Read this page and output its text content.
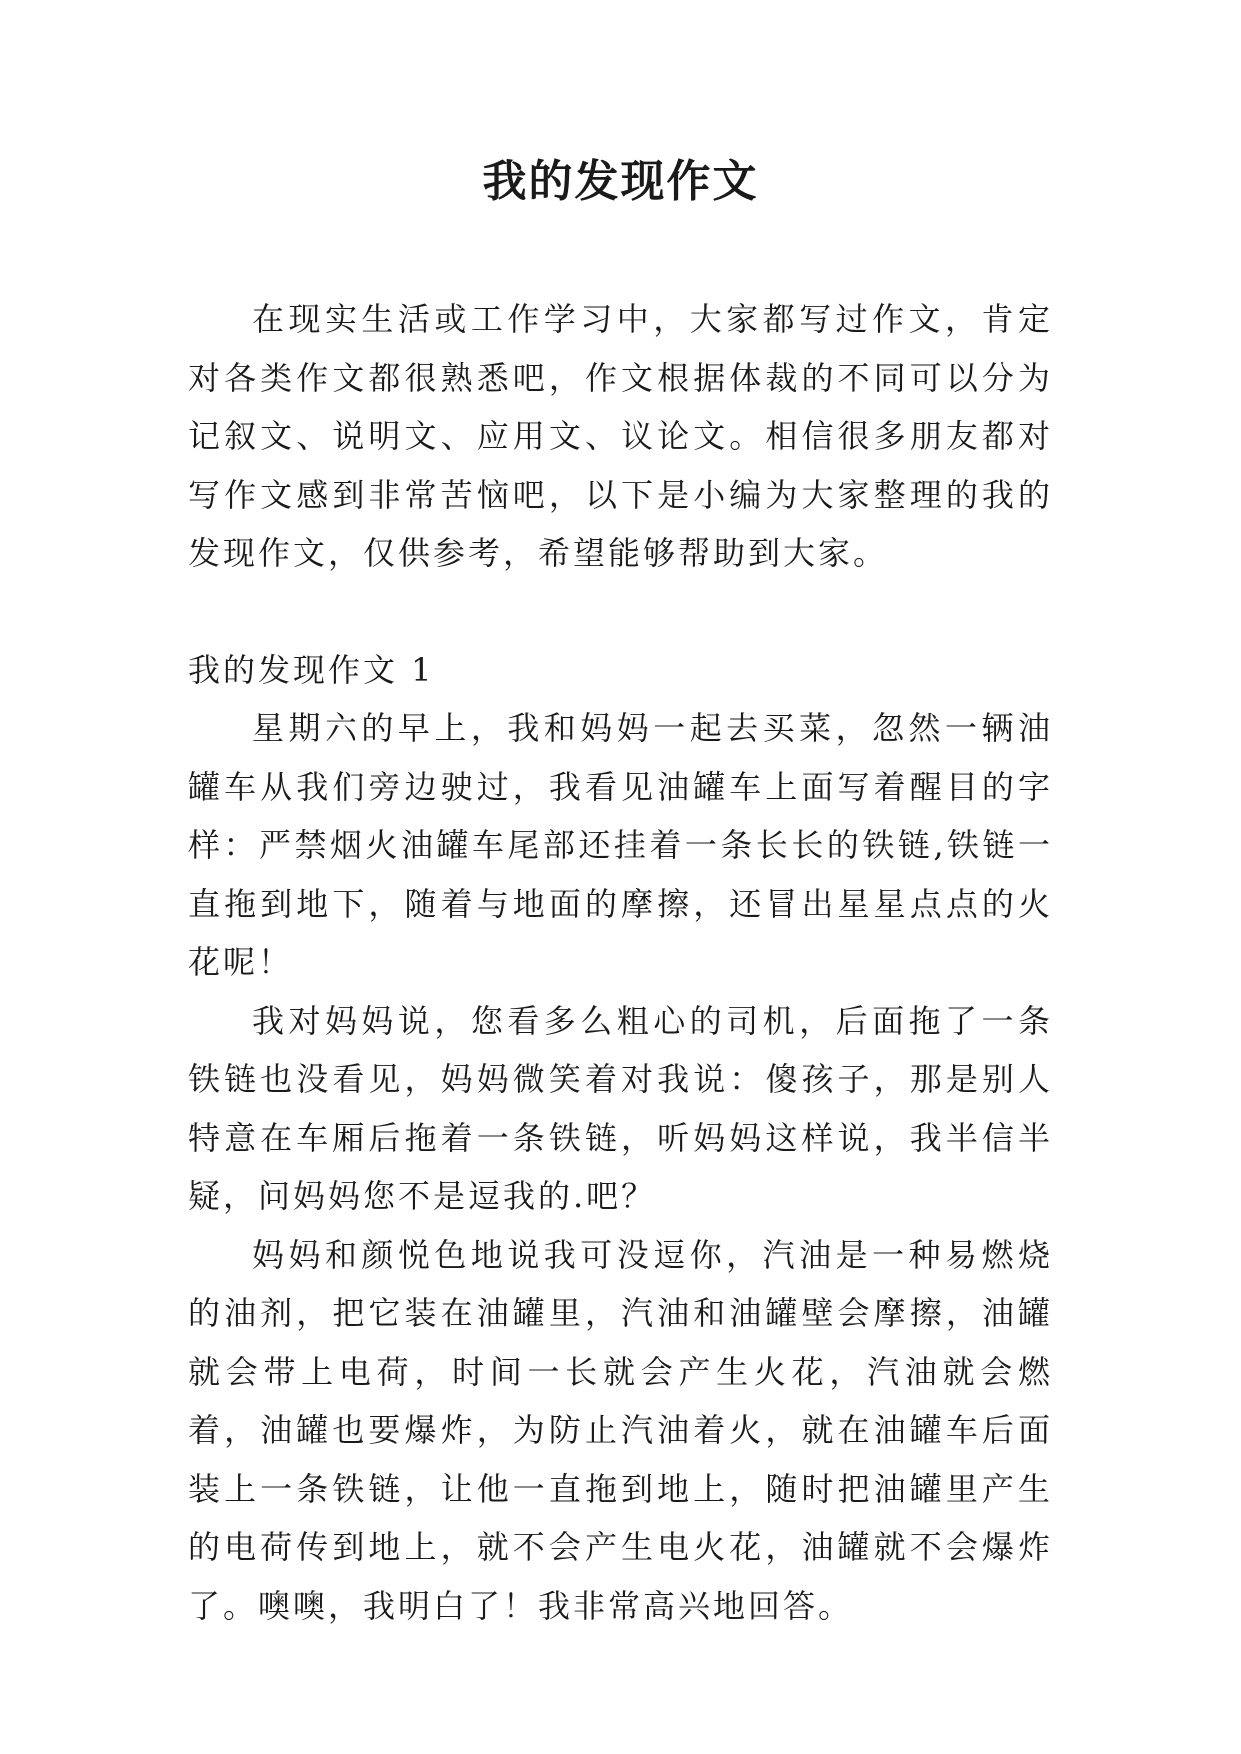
我的发现作文

在现实生活或工作学习中，大家都写过作文，肯定对各类作文都很熟悉吧，作文根据体裁的不同可以分为记叙文、说明文、应用文、议论文。相信很多朋友都对写作文感到非常苦恼吧，以下是小编为大家整理的我的发现作文，仅供参考，希望能够帮助到大家。

我的发现作文 1

星期六的早上，我和妈妈一起去买菜，忽然一辆油罐车从我们旁边驶过，我看见油罐车上面写着醒目的字样：严禁烟火油罐车尾部还挂着一条长长的铁链,铁链一直拖到地下，随着与地面的摩擦，还冒出星星点点的火花呢！

我对妈妈说，您看多么粗心的司机，后面拖了一条铁链也没看见，妈妈微笑着对我说：傻孩子，那是别人特意在车厢后拖着一条铁链，听妈妈这样说，我半信半疑，问妈妈您不是逗我的.吧？

妈妈和颜悦色地说我可没逗你，汽油是一种易燃烧的油剂，把它装在油罐里，汽油和油罐壁会摩擦，油罐就会带上电荷，时间一长就会产生火花，汽油就会燃着，油罐也要爆炸，为防止汽油着火，就在油罐车后面装上一条铁链，让他一直拖到地上，随时把油罐里产生的电荷传到地上，就不会产生电火花，油罐就不会爆炸了。噢噢，我明白了！我非常高兴地回答。
